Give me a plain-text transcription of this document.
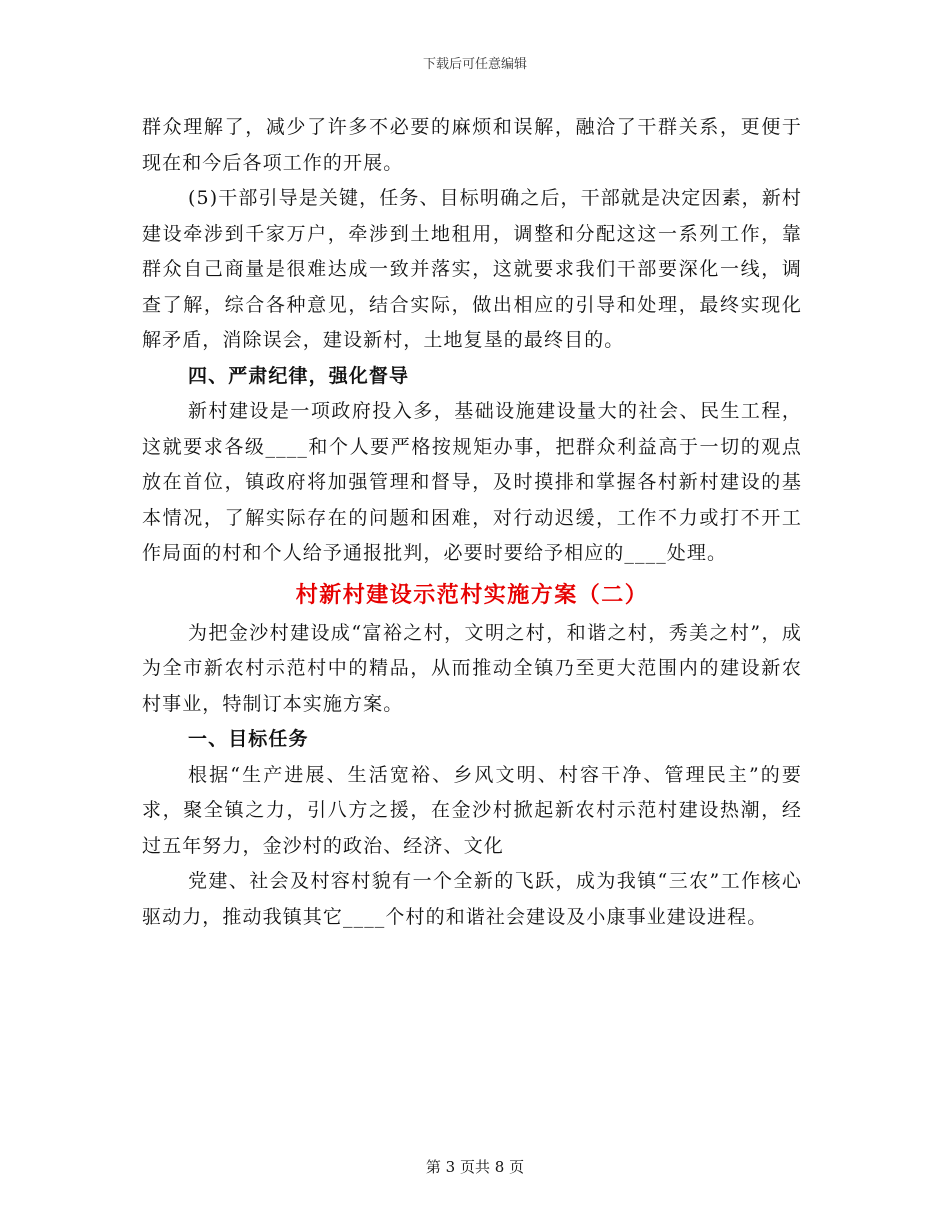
下载后可任意编辑

群众理解了，减少了许多不必要的麻烦和误解，融洽了干群关系，更便于现在和今后各项工作的开展。

(5)干部引导是关键，任务、目标明确之后，干部就是决定因素，新村建设牵涉到千家万户，牵涉到土地租用，调整和分配这这一系列工作，靠群众自己商量是很难达成一致并落实，这就要求我们干部要深化一线，调查了解，综合各种意见，结合实际，做出相应的引导和处理，最终实现化解矛盾，消除误会，建设新村，土地复垦的最终目的。

四、严肃纪律，强化督导

新村建设是一项政府投入多，基础设施建设量大的社会、民生工程，这就要求各级____和个人要严格按规矩办事，把群众利益高于一切的观点放在首位，镇政府将加强管理和督导，及时摸排和掌握各村新村建设的基本情况，了解实际存在的问题和困难，对行动迟缓，工作不力或打不开工作局面的村和个人给予通报批判，必要时要给予相应的____处理。

村新村建设示范村实施方案（二）

为把金沙村建设成“富裕之村，文明之村，和谐之村，秀美之村”，成为全市新农村示范村中的精品，从而推动全镇乃至更大范围内的建设新农村事业，特制订本实施方案。

一、目标任务

根据“生产进展、生活宽裕、乡风文明、村容干净、管理民主”的要求，聚全镇之力，引八方之援，在金沙村掀起新农村示范村建设热潮，经过五年努力，金沙村的政治、经济、文化

党建、社会及村容村貌有一个全新的飞跃，成为我镇“三农”工作核心驱动力，推动我镇其它____个村的和谐社会建设及小康事业建设进程。

第 3 页共 8 页
